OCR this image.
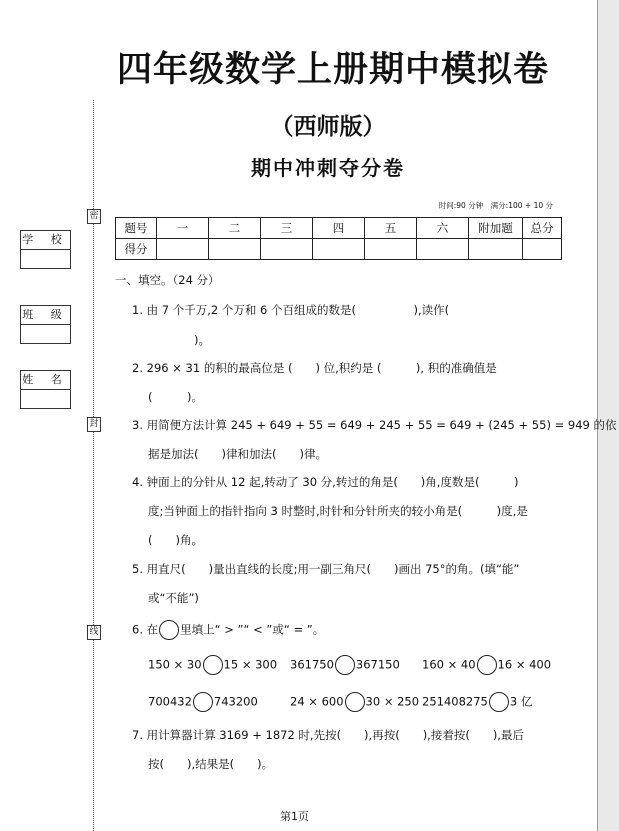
密
封
线
学 校
班 级
姓 名
四年级数学上册期中模拟卷
（西师版）
期中冲刺夺分卷
时间:90 分钟　满分:100 + 10 分
题号	一	二	三	四	五	六	附加题	总分
得分								
一、填空。（24 分）
1. 由 7 个千万,2 个万和 6 个百组成的数是(　　　　　),读作(
　　　　)。
2. 296 × 31 的积的最高位是 (　　) 位,积约是 (　　　), 积的准确值是
(　　　)。
3. 用简便方法计算 245 + 649 + 55 = 649 + 245 + 55 = 649 + (245 + 55) = 949 的依
据是加法(　　)律和加法(　　)律。
4. 钟面上的分针从 12 起,转动了 30 分,转过的角是(　　)角,度数是(　　　)
度;当钟面上的指针指向 3 时整时,时针和分针所夹的较小角是(　　　)度,是
(　　)角。
5. 用直尺(　　)量出直线的长度;用一副三角尺(　　)画出 75°的角。(填“能”
或“不能”)
6. 在 里填上“ > ”“ < ”或“ = ”。
150 × 30 15 × 300 361750 367150 160 × 40 16 × 400
700432 743200	24 × 600 30 × 250 251408275 3 亿
7. 用计算器计算 3169 + 1872 时,先按(　　),再按(　　),接着按(　　),最后
按(　　),结果是(　　)。
第1页
